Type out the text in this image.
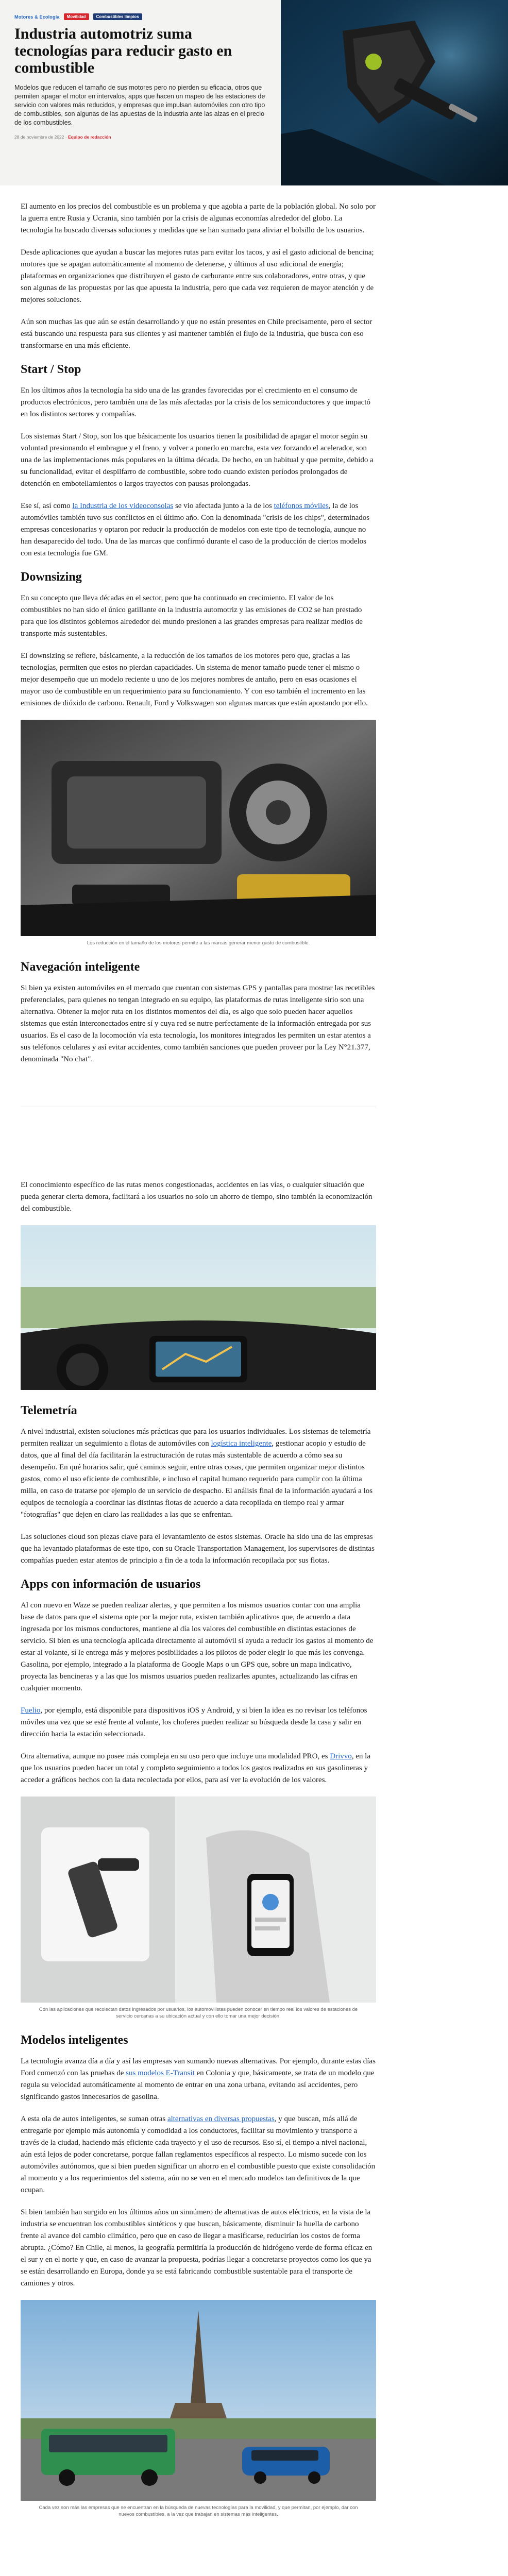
Motores & Ecología	Movilidad	Combustibles limpios
Industria automotriz suma tecnologías para reducir gasto en combustible

Modelos que reducen el tamaño de sus motores pero no pierden su eficacia, otros que permiten apagar el motor en intervalos, apps que hacen un mapeo de las estaciones de servicio con valores más reducidos, y empresas que impulsan automóviles con otro tipo de combustibles, son algunas de las apuestas de la industria ante las alzas en el precio de los combustibles.

28 de noviembre de 2022 · Equipo de redacción

El aumento en los precios del combustible es un problema y que agobia a parte de la población global. No solo por la guerra entre Rusia y Ucrania, sino también por la crisis de algunas economías alrededor del globo. La tecnología ha buscado diversas soluciones y medidas que se han sumado para aliviar el bolsillo de los usuarios.

Desde aplicaciones que ayudan a buscar las mejores rutas para evitar los tacos, y así el gasto adicional de bencina; motores que se apagan automáticamente al momento de detenerse, y últimos al uso adicional de energía; plataformas en organizaciones que distribuyen el gasto de carburante entre sus colaboradores, entre otras, y que son algunas de las propuestas por las que apuesta la industria, pero que cada vez requieren de mayor atención y de mejores soluciones.

Aún son muchas las que aún se están desarrollando y que no están presentes en Chile precisamente, pero el sector está buscando una respuesta para sus clientes y así mantener también el flujo de la industria, que busca con eso transformarse en una más eficiente.

Start / Stop

En los últimos años la tecnología ha sido una de las grandes favorecidas por el crecimiento en el consumo de productos electrónicos, pero también una de las más afectadas por la crisis de los semiconductores y que impactó en los distintos sectores y compañías.

Los sistemas Start / Stop, son los que básicamente los usuarios tienen la posibilidad de apagar el motor según su voluntad presionando el embrague y el freno, y volver a ponerlo en marcha, esta vez forzando el acelerador, son una de las implementaciones más populares en la última década. De hecho, en un habitual y que permite, debido a su funcionalidad, evitar el despilfarro de combustible, sobre todo cuando existen períodos prolongados de detención en embotellamientos o largos trayectos con pausas prolongadas.

Ese sí, así como la Industria de los videoconsolas se vio afectada junto a la de los teléfonos móviles, la de los automóviles también tuvo sus conflictos en el último año. Con la denominada "crisis de los chips", determinados empresas concesionarias y optaron por reducir la producción de modelos con este tipo de tecnología, aunque no han desaparecido del todo. Una de las marcas que confirmó durante el caso de la producción de ciertos modelos con esta tecnología fue GM.

Downsizing

En su concepto que lleva décadas en el sector, pero que ha continuado en crecimiento. El valor de los combustibles no han sido el único gatillante en la industria automotriz y las emisiones de CO2 se han prestado para que los distintos gobiernos alrededor del mundo presionen a las grandes empresas para realizar medios de transporte más sustentables.

El downsizing se refiere, básicamente, a la reducción de los tamaños de los motores pero que, gracias a las tecnologías, permiten que estos no pierdan capacidades. Un sistema de menor tamaño puede tener el mismo o mejor desempeño que un modelo reciente u uno de los mejores nombres de antaño, pero en esas ocasiones el mayor uso de combustible en un requerimiento para su funcionamiento. Y con eso también el incremento en las emisiones de dióxido de carbono. Renault, Ford y Volkswagen son algunas marcas que están apostando por ello.

Los reducción en el tamaño de los motores permite a las marcas generar menor gasto de combustible.
Navegación inteligente

Si bien ya existen automóviles en el mercado que cuentan con sistemas GPS y pantallas para mostrar las recetibles preferenciales, para quienes no tengan integrado en su equipo, las plataformas de rutas inteligente sirio son una alternativa. Obtener la mejor ruta en los distintos momentos del día, es algo que solo pueden hacer aquellos sistemas que están interconectados entre sí y cuya red se nutre perfectamente de la información entregada por sus usuarios. Es el caso de la locomoción vía esta tecnología, los monitores integrados les permiten un estar atentos a sus teléfonos celulares y así evitar accidentes, como también sanciones que pueden proveer por la Ley N°21.377, denominada "No chat".

El conocimiento específico de las rutas menos congestionadas, accidentes en las vías, o cualquier situación que pueda generar cierta demora, facilitará a los usuarios no solo un ahorro de tiempo, sino también la economización del combustible.

Telemetría

A nivel industrial, existen soluciones más prácticas que para los usuarios individuales. Los sistemas de telemetría permiten realizar un seguimiento a flotas de automóviles con logística inteligente, gestionar acopio y estudio de datos, que al final del día facilitarán la estructuración de rutas más sustentable de acuerdo a cómo sea su desempeño. En qué horarios salir, qué caminos seguir, entre otras cosas, que permiten organizar mejor distintos gastos, como el uso eficiente de combustible, e incluso el capital humano requerido para cumplir con la última milla, en caso de tratarse por ejemplo de un servicio de despacho. El análisis final de la información ayudará a los equipos de tecnología a coordinar las distintas flotas de acuerdo a data recopilada en tiempo real y armar "fotografías" que dejen en claro las realidades a las que se enfrentan.

Las soluciones cloud son piezas clave para el levantamiento de estos sistemas. Oracle ha sido una de las empresas que ha levantado plataformas de este tipo, con su Oracle Transportation Management, los supervisores de distintas compañías pueden estar atentos de principio a fin de a toda la información recopilada por sus flotas.

Apps con información de usuarios

Al con nuevo en Waze se pueden realizar alertas, y que permiten a los mismos usuarios contar con una amplia base de datos para que el sistema opte por la mejor ruta, existen también aplicativos que, de acuerdo a data ingresada por los mismos conductores, mantiene al día los valores del combustible en distintas estaciones de servicio. Si bien es una tecnología aplicada directamente al automóvil sí ayuda a reducir los gastos al momento de estar al volante, sí le entrega más y mejores posibilidades a los pilotos de poder elegir lo que más les convenga. Gasolina, por ejemplo, integrado a la plataforma de Google Maps o un GPS que, sobre un mapa indicativo, proyecta las bencineras y a las que los mismos usuarios pueden realizarles apuntes, actualizando las cifras en cualquier momento.

Fuelio, por ejemplo, está disponible para dispositivos iOS y Android, y si bien la idea es no revisar los teléfonos móviles una vez que se esté frente al volante, los choferes pueden realizar su búsqueda desde la casa y salir en dirección hacia la estación seleccionada.

Otra alternativa, aunque no posee más compleja en su uso pero que incluye una modalidad PRO, es Drivvo, en la que los usuarios pueden hacer un total y completo seguimiento a todos los gastos realizados en sus gasolineras y acceder a gráficos hechos con la data recolectada por ellos, para así ver la evolución de los valores.

Con las aplicaciones que recolectan datos ingresados por usuarios, los automovilistas pueden conocer en tiempo real los valores de estaciones de servicio cercanas a su ubicación actual y con ello tomar una mejor decisión.
Modelos inteligentes

La tecnología avanza día a día y así las empresas van sumando nuevas alternativas. Por ejemplo, durante estas días Ford comenzó con las pruebas de sus modelos E-Transit en Colonia y que, básicamente, se trata de un modelo que regula su velocidad automáticamente al momento de entrar en una zona urbana, evitando así accidentes, pero significando gastos innecesarios de gasolina.

A esta ola de autos inteligentes, se suman otras alternativas en diversas propuestas, y que buscan, más allá de entregarle por ejemplo más autonomía y comodidad a los conductores, facilitar su movimiento y transporte a través de la ciudad, haciendo más eficiente cada trayecto y el uso de recursos. Eso sí, el tiempo a nivel nacional, aún está lejos de poder concretarse, porque fallan reglamentos específicos al respecto. Lo mismo sucede con los automóviles autónomos, que si bien pueden significar un ahorro en el combustible puesto que existe consolidación al momento y a los requerimientos del sistema, aún no se ven en el mercado modelos tan definitivos de la que ocupan.

Si bien también han surgido en los últimos años un sinnúmero de alternativas de autos eléctricos, en la vista de la industria se encuentran los combustibles sintéticos y que buscan, básicamente, disminuir la huella de carbono frente al avance del cambio climático, pero que en caso de llegar a masificarse, reducirían los costos de forma abrupta. ¿Cómo? En Chile, al menos, la geografía permitiría la producción de hidrógeno verde de forma eficaz en el sur y en el norte y que, en caso de avanzar la propuesta, podrías llegar a concretarse proyectos como los que ya se están desarrollando en Europa, donde ya se está fabricando combustible sustentable para el transporte de camiones y otros.

Cada vez son más las empresas que se encuentran en la búsqueda de nuevas tecnologías para la movilidad, y que permitan, por ejemplo, dar con nuevos combustibles, a la vez que trabajan en sistemas más inteligentes.
